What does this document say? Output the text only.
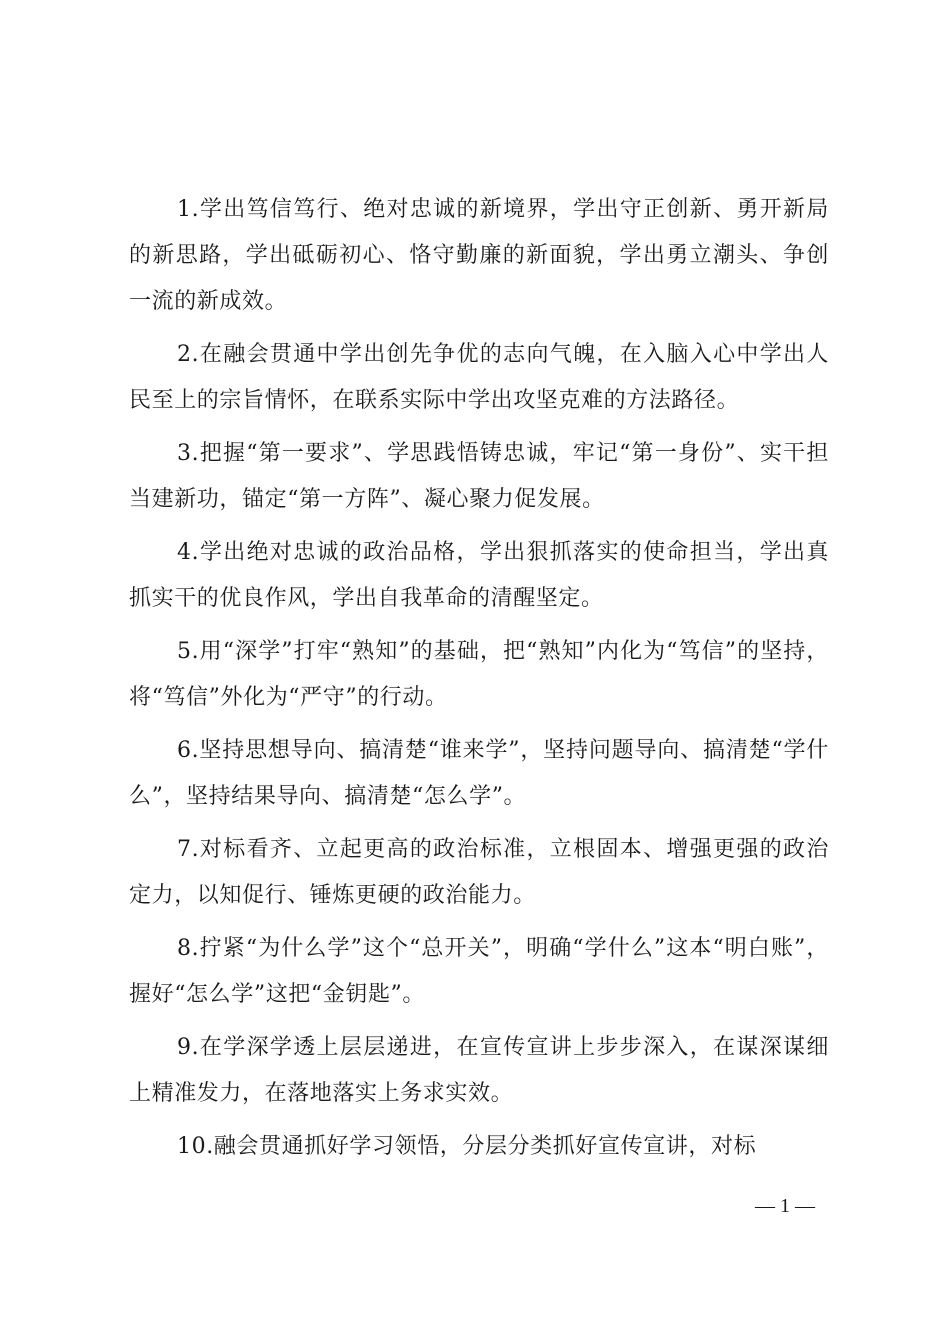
1.学出笃信笃行、绝对忠诚的新境界，学出守正创新、勇开新局的新思路，学出砥砺初心、恪守勤廉的新面貌，学出勇立潮头、争创一流的新成效。

2.在融会贯通中学出创先争优的志向气魄，在入脑入心中学出人民至上的宗旨情怀，在联系实际中学出攻坚克难的方法路径。

3.把握“第一要求”、学思践悟铸忠诚，牢记“第一身份”、实干担当建新功，锚定“第一方阵”、凝心聚力促发展。

4.学出绝对忠诚的政治品格，学出狠抓落实的使命担当，学出真抓实干的优良作风，学出自我革命的清醒坚定。

5.用“深学”打牢“熟知”的基础，把“熟知”内化为“笃信”的坚持，将“笃信”外化为“严守”的行动。

6.坚持思想导向、搞清楚“谁来学”，坚持问题导向、搞清楚“学什么”，坚持结果导向、搞清楚“怎么学”。

7.对标看齐、立起更高的政治标准，立根固本、增强更强的政治定力，以知促行、锤炼更硬的政治能力。

8.拧紧“为什么学”这个“总开关”，明确“学什么”这本“明白账”，握好“怎么学”这把“金钥匙”。

9.在学深学透上层层递进，在宣传宣讲上步步深入，在谋深谋细上精准发力，在落地落实上务求实效。

10.融会贯通抓好学习领悟，分层分类抓好宣传宣讲，对标

— 1 —
